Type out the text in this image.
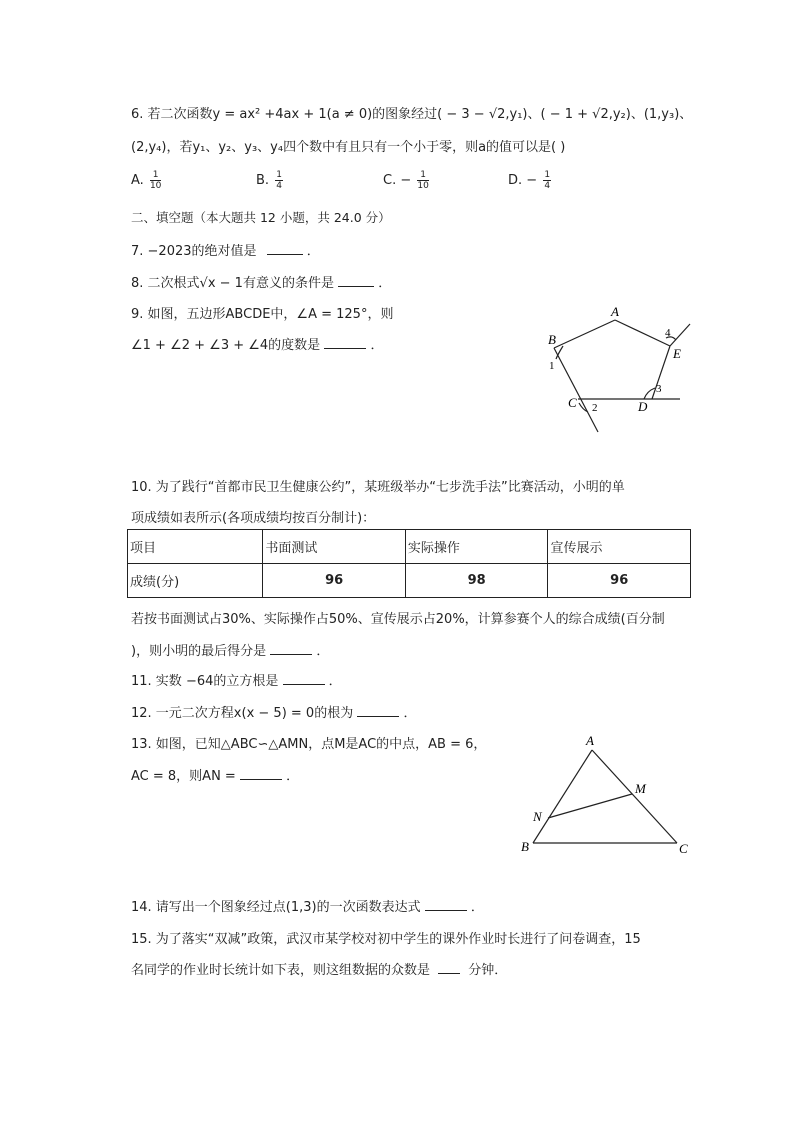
6. 若二次函数y = ax² +4ax + 1(a ≠ 0)的图象经过( − 3 − √2,y₁)、( − 1 + √2,y₂)、(1,y₃)、
(2,y₄)，若y₁、y₂、y₃、y₄四个数中有且只有一个小于零，则a的值可以是( )
A. $\frac{1}{10}$	B. $\frac{1}{4}$	C. − $\frac{1}{10}$	D. − $\frac{1}{4}$
二、填空题（本大题共 12 小题，共 24.0 分）
7. −2023的绝对值是	．
8. 二次根式√x − 1有意义的条件是	．
9. 如图，五边形ABCDE中，∠A = 125°，则
∠1 + ∠2 + ∠3 + ∠4的度数是	．
A
B
C	D
E
1
2
3
4
10. 为了践行“首都市民卫生健康公约”，某班级举办“七步洗手法”比赛活动，小明的单
项成绩如表所示(各项成绩均按百分制计)：
项目	书面测试	实际操作	宣传展示
成绩(分)	96	98	96
若按书面测试占30%、实际操作占50%、宣传展示占20%，计算参赛个人的综合成绩(百分制
)，则小明的最后得分是	．
11. 实数 −64的立方根是	．
12. 一元二次方程x(x − 5) = 0的根为	．
13. 如图，已知△ABC∽△AMN，点M是AC的中点，AB = 6，
AC = 8，则AN =	．
A
B	C
M
N
14. 请写出一个图象经过点(1,3)的一次函数表达式	．
15. 为了落实“双减”政策，武汉市某学校对初中学生的课外作业时长进行了问卷调查，15
名同学的作业时长统计如下表，则这组数据的众数是	分钟．
